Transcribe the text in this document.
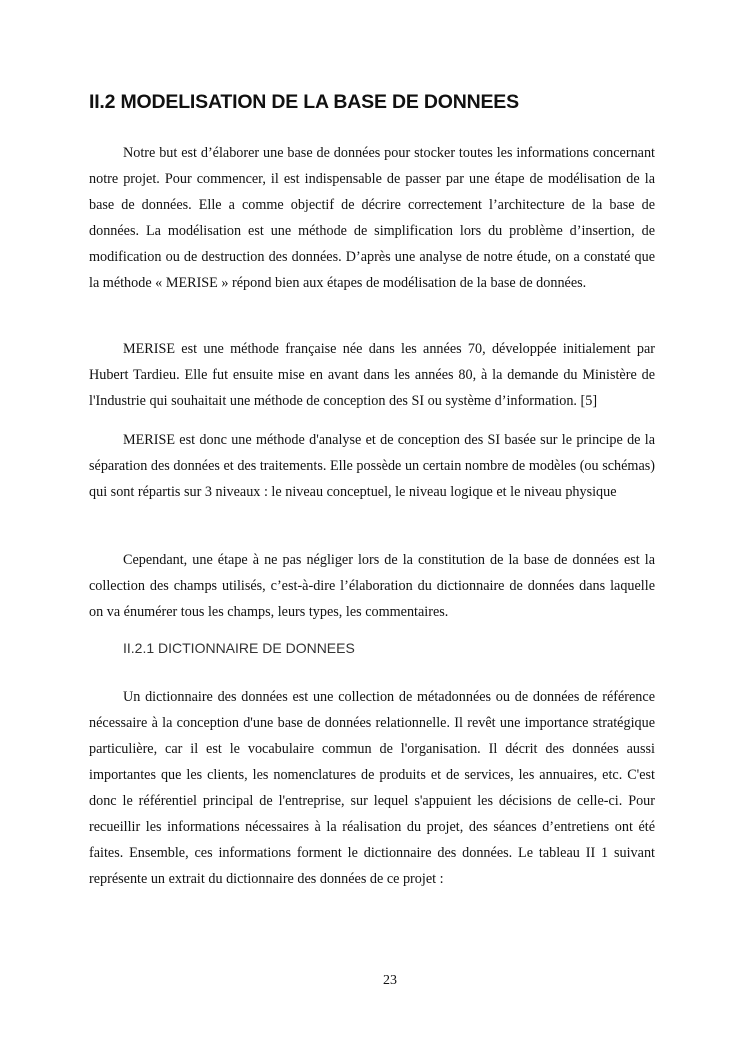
II.2 MODELISATION DE LA BASE DE DONNEES

Notre but est d’élaborer une base de données pour stocker toutes les informations concernant notre projet. Pour commencer, il est indispensable de passer par une étape de modélisation de la base de données. Elle a comme objectif de décrire correctement l’architecture de la base de données. La modélisation est une méthode de simplification lors du problème d’insertion, de modification ou de destruction des données. D’après une analyse de notre étude, on a constaté que la méthode « MERISE » répond bien aux étapes de modélisation de la base de données.

MERISE est une méthode française née dans les années 70, développée initialement par Hubert Tardieu. Elle fut ensuite mise en avant dans les années 80, à la demande du Ministère de l'Industrie qui souhaitait une méthode de conception des SI ou système d’information. [5]

MERISE est donc une méthode d'analyse et de conception des SI basée sur le principe de la séparation des données et des traitements. Elle possède un certain nombre de modèles (ou schémas) qui sont répartis sur 3 niveaux : le niveau conceptuel, le niveau logique et le niveau physique

Cependant, une étape à ne pas négliger lors de la constitution de la base de données est la collection des champs utilisés, c’est-à-dire l’élaboration du dictionnaire de données dans laquelle on va énumérer tous les champs, leurs types, les commentaires.

II.2.1 DICTIONNAIRE DE DONNEES

Un dictionnaire des données est une collection de métadonnées ou de données de référence nécessaire à la conception d'une base de données relationnelle. Il revêt une importance stratégique particulière, car il est le vocabulaire commun de l'organisation. Il décrit des données aussi importantes que les clients, les nomenclatures de produits et de services, les annuaires, etc. C'est donc le référentiel principal de l'entreprise, sur lequel s'appuient les décisions de celle-ci. Pour recueillir les informations nécessaires à la réalisation du projet, des séances d’entretiens ont été faites. Ensemble, ces informations forment le dictionnaire des données. Le tableau II 1 suivant représente un extrait du dictionnaire des données de ce projet :

23
